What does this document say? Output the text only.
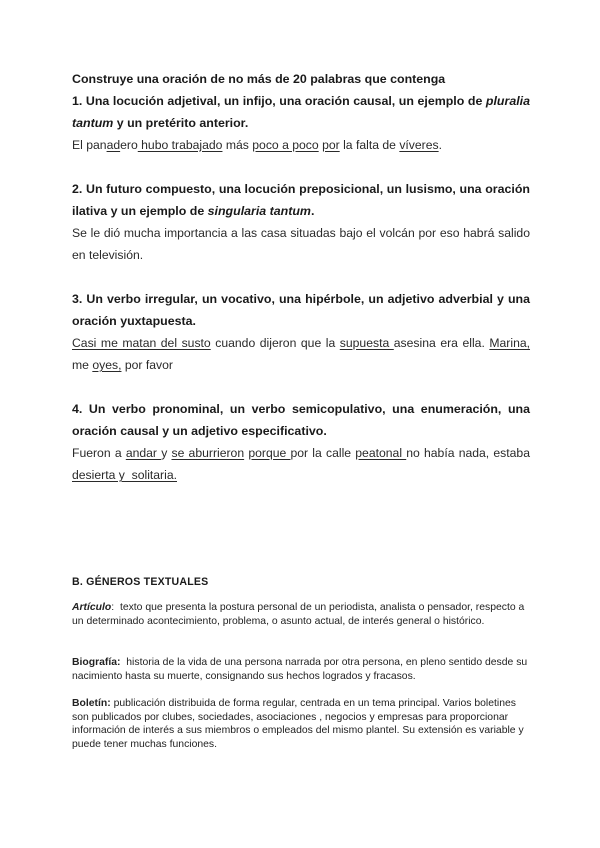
Construye una oración de no más de 20 palabras que contenga

1. Una locución adjetival, un infijo, una oración causal, un ejemplo de pluralia tantum y un pretérito anterior.

El panadero hubo trabajado más poco a poco por la falta de víveres.

2. Un futuro compuesto, una locución preposicional, un lusismo, una oración ilativa y un ejemplo de singularia tantum.

Se le dió mucha importancia a las casa situadas bajo el volcán por eso habrá salido en televisión.

3. Un verbo irregular, un vocativo, una hipérbole, un adjetivo adverbial y una oración yuxtapuesta.

Casi me matan del susto cuando dijeron que la supuesta asesina era ella. Marina, me oyes, por favor

4. Un verbo pronominal, un verbo semicopulativo, una enumeración, una oración causal y un adjetivo especificativo.

Fueron a andar y se aburrieron porque por la calle peatonal no había nada, estaba desierta y  solitaria.

B. GÉNEROS TEXTUALES

Artículo:  texto que presenta la postura personal de un periodista, analista o pensador, respecto a un determinado acontecimiento, problema, o asunto actual, de interés general o histórico.

Biografía: historia de la vida de una persona narrada por otra persona, en pleno sentido desde su nacimiento hasta su muerte, consignando sus hechos logrados y fracasos.

Boletín: publicación distribuida de forma regular, centrada en un tema principal. Varios boletines son publicados por clubes, sociedades, asociaciones , negocios y empresas para proporcionar información de interés a sus miembros o empleados del mismo plantel. Su extensión es variable y puede tener muchas funciones.
